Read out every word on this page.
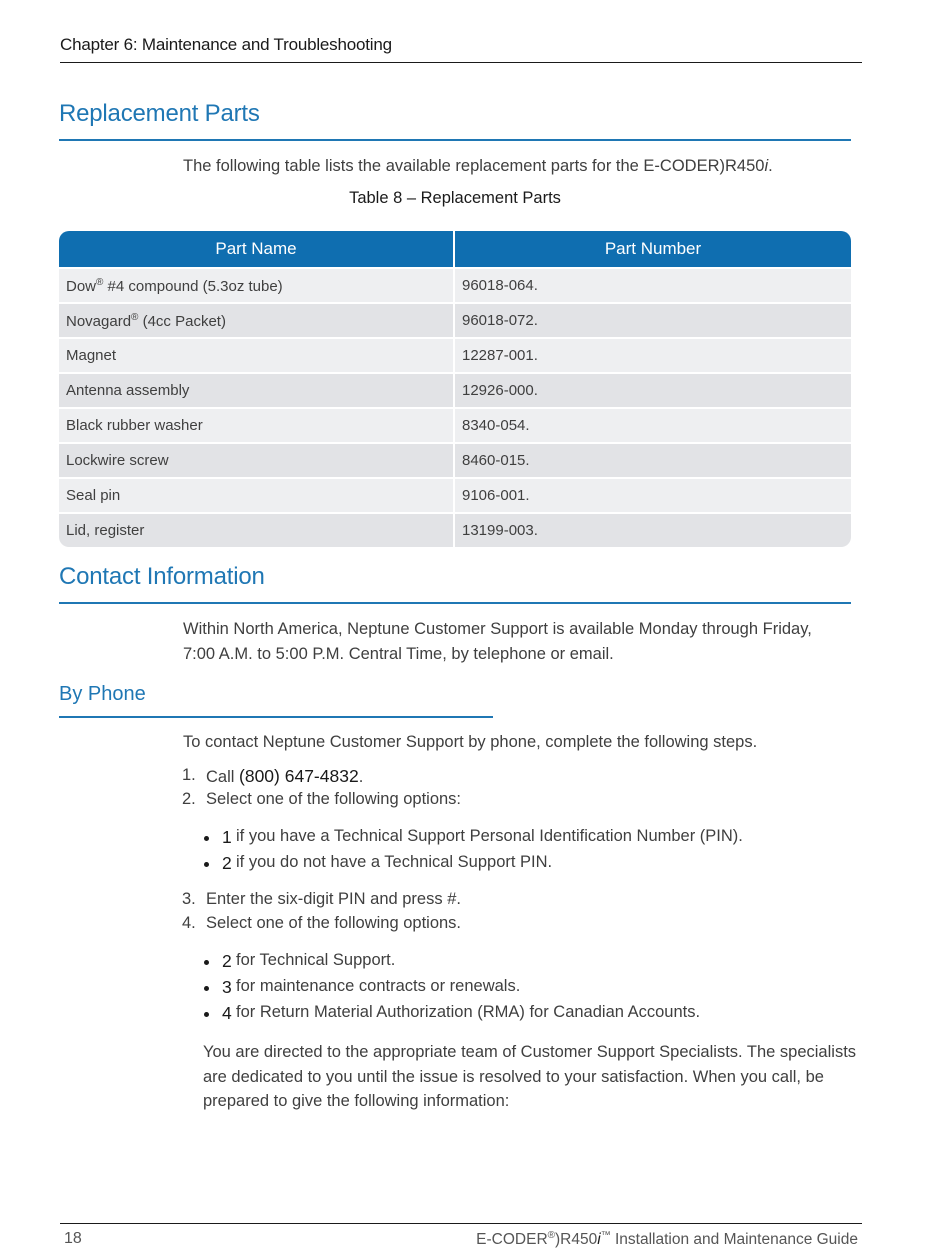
Chapter 6: Maintenance and Troubleshooting
Replacement Parts
The following table lists the available replacement parts for the E-CODER)R450i.
Table 8 – Replacement Parts
Part Name	Part Number
Dow® #4 compound (5.3oz tube)	96018-064.
Novagard® (4cc Packet)	96018-072.
Magnet	12287-001.
Antenna assembly	12926-000.
Black rubber washer	8340-054.
Lockwire screw	8460-015.
Seal pin	9106-001.
Lid, register	13199-003.
Contact Information
Within North America, Neptune Customer Support is available Monday through Friday,
7:00 A.M. to 5:00 P.M. Central Time, by telephone or email.
By Phone
To contact Neptune Customer Support by phone, complete the following steps.
1. Call (800) 647-4832.
2. Select one of the following options:
1 if you have a Technical Support Personal Identification Number (PIN).
2 if you do not have a Technical Support PIN.
3. Enter the six-digit PIN and press #.
4. Select one of the following options.
2 for Technical Support.
3 for maintenance contracts or renewals.
4 for Return Material Authorization (RMA) for Canadian Accounts.
You are directed to the appropriate team of Customer Support Specialists. The specialists
are dedicated to you until the issue is resolved to your satisfaction. When you call, be
prepared to give the following information:
18	E-CODER®)R450i™ Installation and Maintenance Guide
